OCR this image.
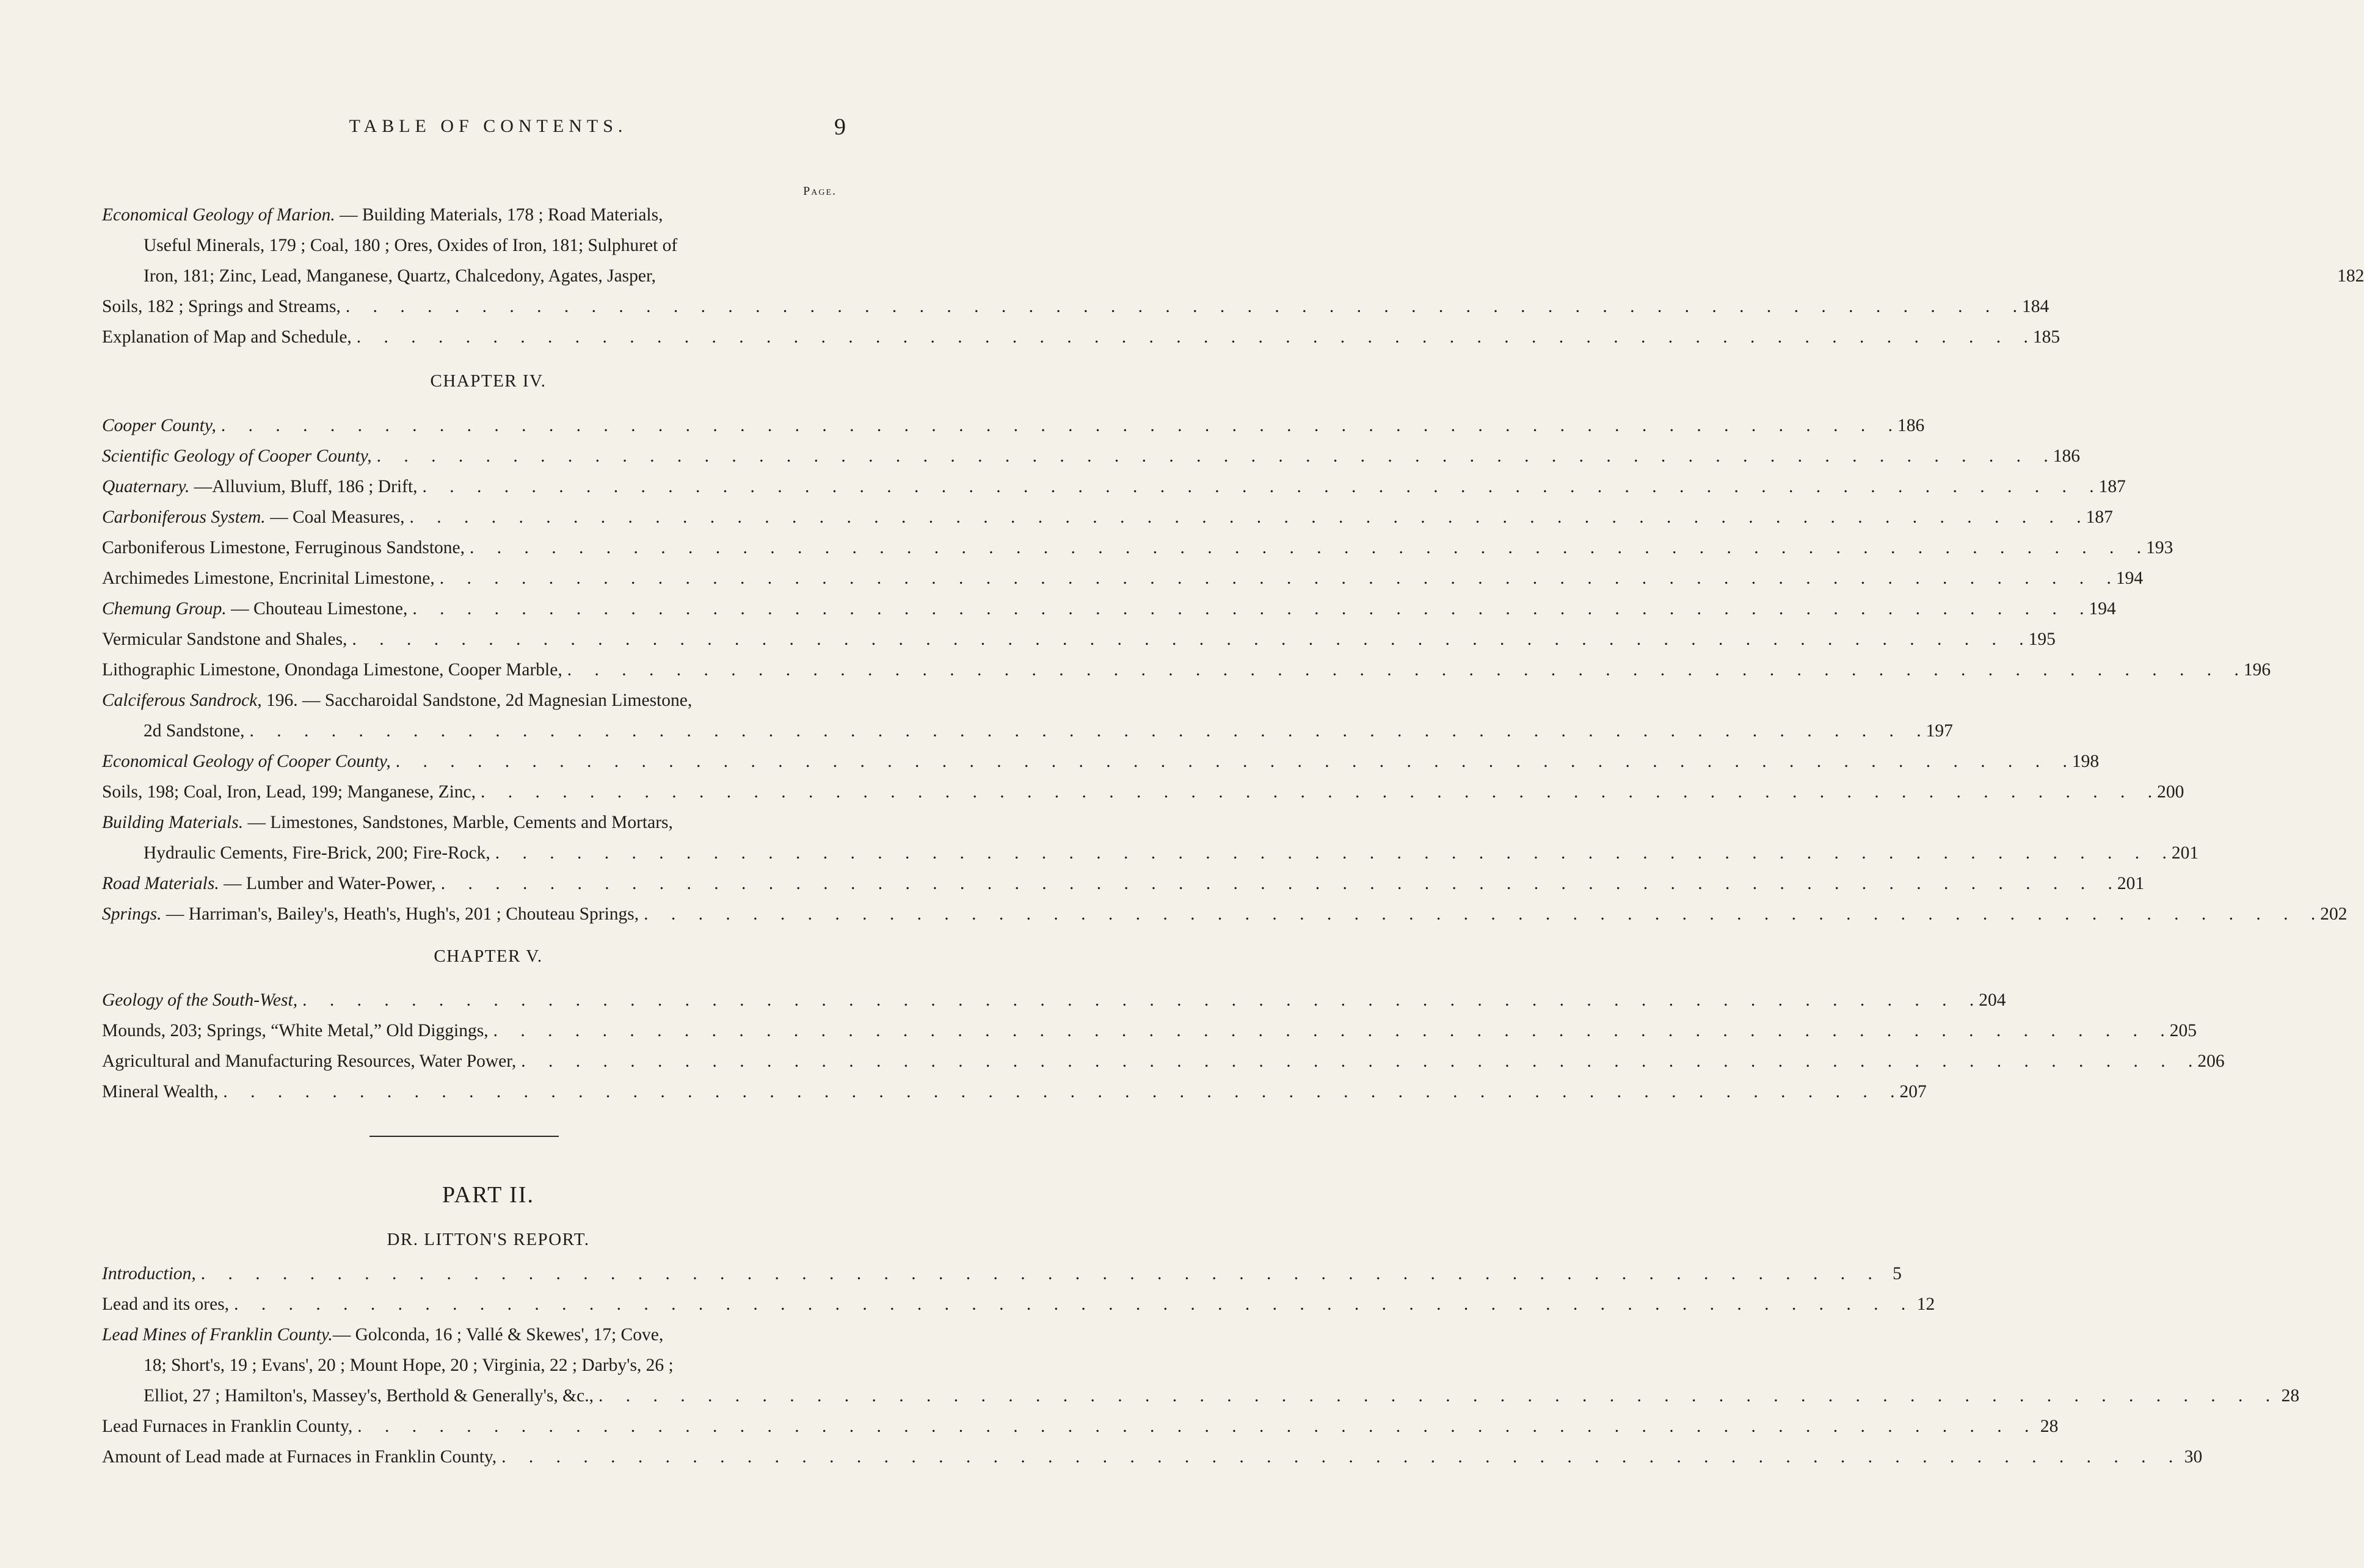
TABLE OF CONTENTS.	9
Page.
Economical Geology of Marion. — Building Materials, 178 ; Road Materials,
Useful Minerals, 179 ; Coal, 180 ; Ores, Oxides of Iron, 181; Sulphuret of
Iron, 181; Zinc, Lead, Manganese, Quartz, Chalcedony, Agates, Jasper,	182
Soils, 182 ; Springs and Streams, . . .	184
Explanation of Map and Schedule, . . .	185
CHAPTER IV.
Cooper County, . . .	186
Scientific Geology of Cooper County, . . .	186
Quaternary. —Alluvium, Bluff, 186 ; Drift, . . .	187
Carboniferous System. — Coal Measures, . . .	187
Carboniferous Limestone, Ferruginous Sandstone, . . .	193
Archimedes Limestone, Encrinital Limestone, . . .	194
Chemung Group. — Chouteau Limestone, . . .	194
Vermicular Sandstone and Shales, . . .	195
Lithographic Limestone, Onondaga Limestone, Cooper Marble, . . .	196
Calciferous Sandrock, 196. — Saccharoidal Sandstone, 2d Magnesian Limestone,
2d Sandstone, . . .	197
Economical Geology of Cooper County, . . .	198
Soils, 198; Coal, Iron, Lead, 199; Manganese, Zinc, . . .	200
Building Materials. — Limestones, Sandstones, Marble, Cements and Mortars,
Hydraulic Cements, Fire-Brick, 200; Fire-Rock, . . .	201
Road Materials. — Lumber and Water-Power, . . .	201
Springs. — Harriman's, Bailey's, Heath's, Hugh's, 201 ; Chouteau Springs, . . .	202
CHAPTER V.
Geology of the South-West, . . .	204
Mounds, 203; Springs, “White Metal,” Old Diggings, . . .	205
Agricultural and Manufacturing Resources, Water Power, . . .	206
Mineral Wealth, . . .	207
PART II.
DR. LITTON'S REPORT.
Introduction, . . .	5
Lead and its ores, . . .	12
Lead Mines of Franklin County.— Golconda, 16 ; Vallé & Skewes', 17; Cove,
18; Short's, 19 ; Evans', 20 ; Mount Hope, 20 ; Virginia, 22 ; Darby's, 26 ;
Elliot, 27 ; Hamilton's, Massey's, Berthold & Generally's, &c., . . .	28
Lead Furnaces in Franklin County, . . .	28
Amount of Lead made at Furnaces in Franklin County, . . .	30
